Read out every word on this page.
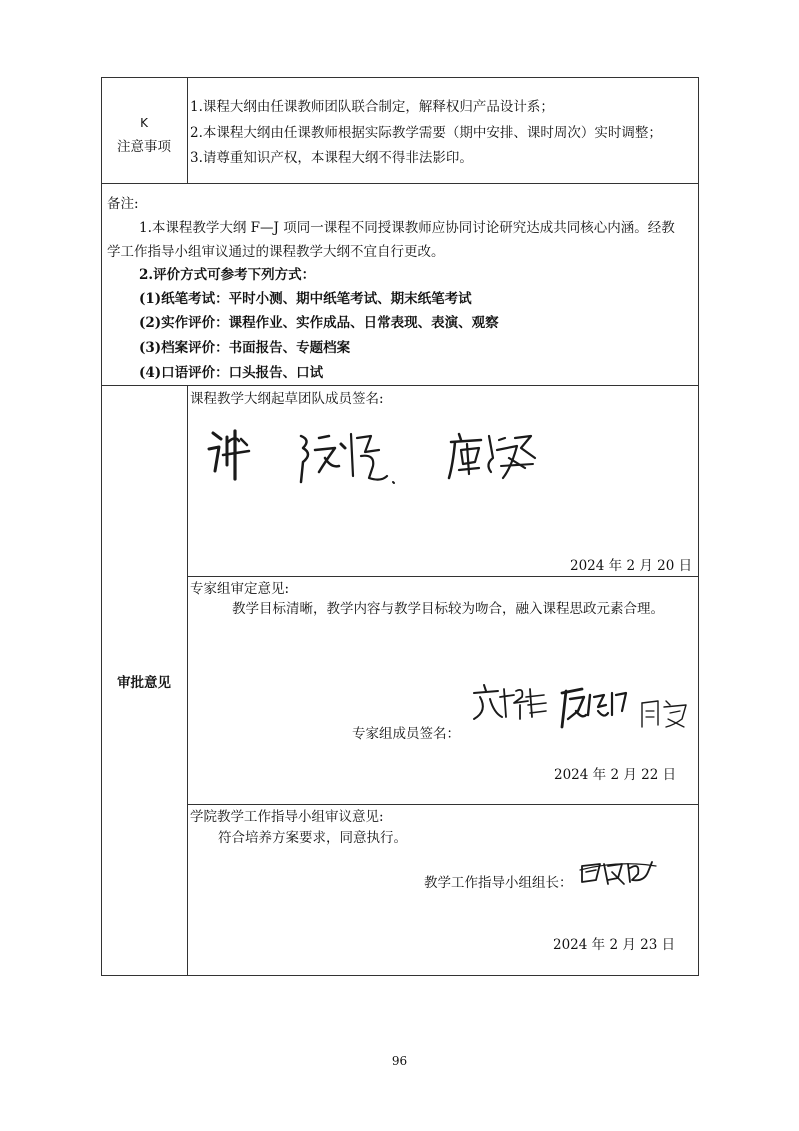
K
注意事项
1.课程大纲由任课教师团队联合制定，解释权归产品设计系；
2.本课程大纲由任课教师根据实际教学需要（期中安排、课时周次）实时调整；
3.请尊重知识产权，本课程大纲不得非法影印。
备注:
1.本课程教学大纲 F—J 项同一课程不同授课教师应协同讨论研究达成共同核心内涵。经教
学工作指导小组审议通过的课程教学大纲不宜自行更改。
2.评价方式可参考下列方式：
(1)纸笔考试：平时小测、期中纸笔考试、期末纸笔考试
(2)实作评价：课程作业、实作成品、日常表现、表演、观察
(3)档案评价：书面报告、专题档案
(4)口语评价：口头报告、口试
审批意见
课程教学大纲起草团队成员签名:
2024 年 2 月 20 日
专家组审定意见:
教学目标清晰，教学内容与教学目标较为吻合，融入课程思政元素合理。
专家组成员签名：
2024 年 2 月 22 日
学院教学工作指导小组审议意见:
符合培养方案要求，同意执行。
教学工作指导小组组长：
2024 年 2 月 23 日
96
